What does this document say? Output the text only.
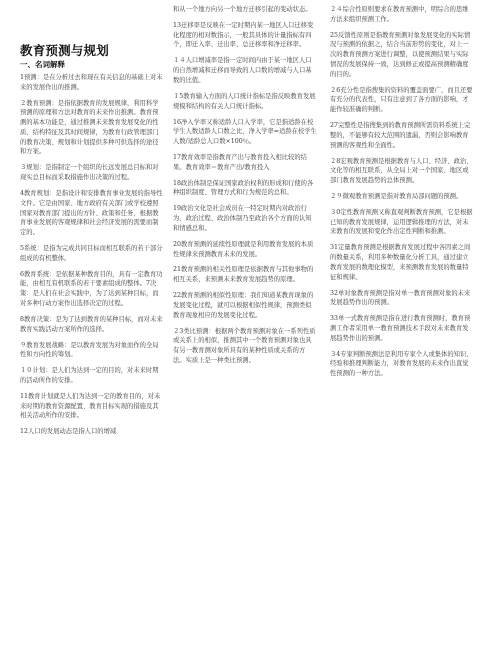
教育预测与规划
一、名词解释

1预测：是在分析过去和现在有关信息的基础上对未来的发展作出的推测。

２教育预测：是指依据教育的发展规律，利用科学预测的原理和方法对教育的未来作出推测。教育预测的基本功能是，通过推测未来教育发展变化的性质、结构特征及其时间规律，为教育行政管理部门的教育决策、规划和计划提供多种可供选择的途径和方案。

３规划：是指制定一个组织的长远发展总目标和对现实总目标而采取措施作出决策的过程。

4教育规划：是指设计和安排教育事业发展的指导性文件。它是由国家、地方政府有关部门或学校遵照国家对教育部门提出的方针、政策和任务，根据教育事业发展的客观规律和社会经济发展的需要而制定的。

5系统：是指为完成共同目标而相互联系的若干部分组成的有机整体。

6教育系统：是依据某种教育目的，具有一定教育功能，由相互有机联系的若干要素组成的整体。7决策：是人们在社会实践中，为了达到某种目标，而对多种行动方案作出选择决定的过程。

8教育决策：是为了达到教育的某种目标，而对未来教育实践活动方案所作的选择。

９教育发展战略：是以教育发展为对象而作的全局性和方向性的筹划。

１０计划：是人们为达到一定的目的，对未来时期的活动所作的安排。

11教育计划就是人们为达到一定的教育目的，对未来时期的教育资源配置、教育目标实现的措施及其相关活动所作的安排。

12人口的发展动态是指人口的增减

和从一个地方向另一个地方迁移引起的变动状态。

13迁移率是反映在一定时期内某一地区人口迁移变化程度的相对数指示，一般其具体的计量指标有四个，即迁入率、迁出率、总迁移率和净迁移率。

１４人口增减率是指一定时间内由于某一地区人口的自然增减和迁移而导致的人口数的增减与人口基数的比值。

１5教育输入方面的人口统计指标是指反映教育发展规模和结构的有关人口统计指标。

16净入学率又称适龄人口入学率，它是指适龄在校学生人数适龄人口数之比，净入学率=适龄在校学生人数/适龄总人口数×100％。

17教育效率是指教育产出与教育投入相比较的结果。教育效率＝教育产出/教育投入

18政治体制是保证国家政治权利的形成和行使的各种组织制度、管理方式和行为规范的总和。

19政治文化是社会成员在一特定时期内对政治行为、政治过程、政治体制乃至政治各个方面的认知和情感总和。

20教育预测的延续性原理就是利用教育发展的本质性规律来预测教育未来的发展。

21教育预测的相关性原理是依据教育与其他事物的相互关系，来预测未来教育发展趋势的原理。

22教育预测的相似性原理：我们知道某教育现象的发展变化过程，就可以根据相似性规律，预测类似教育现象相应的发展变化过程。

２3类比预测：根据两个教育预测对象在一系列性质或关系上的相似，推测其中一个教育预测对象也具有另一教育测对象所具有的某种性质或关系的方法。实质上是一种类比预测。

２４综合性原则要求在教育预测中，明综合的思维方法来组织预测工作。

25反馈性原则是指教育预测对象发展变化的实际情况与预测的依据之，结合当前形势的变化，对上一次的教育预测方案进行调整，以使预测结果与实际情况的发展保持一致，达到修正或提高预测精确度的目的。

２6充分性是指搜集的资料的覆盖面要广，而且还要有充分的代表性，只有注意到了各方面的影响，才能作较准确的判断。

27完整性是指搜集到的教育预测所需资料系统上完整的，不能够有较大范围的遗漏，否则会影响教育预测的客观性和全面性。

２8宏观教育预测是根据教育与人口、经济、政治、文化等的相互联系，从全局上对一个国家、地区或部门教育发展趋势的总体预测。

２９微观教育预测是指对教育局部问题的预测。

３0定性教育预测又称直观判断教育预测，它是根据已知的教育发展规律，运用逻辑推理的方法，对未来教育的发展和变化作出定性判断和推测。

31定量教育预测是根据教育发展过程中各因素之间的数量关系，利用多种数量化分析工具，通过建立教育发展的数理化模型，来预测教育发展的数量特征和规律。

32单对象教育预测是指对单一教育预测对象的未来发展趋势作出的预测。

33单一式教育预测是指在进行教育预测时，教育预测工作者采用单一教育预测技术手段对未来教育发展趋势作出的预测。

３4专家判断预测法是利用专家个人或集体的知识、经验和推理判断能力，对教育发展的未来作出直觉性预测的一种方法。
